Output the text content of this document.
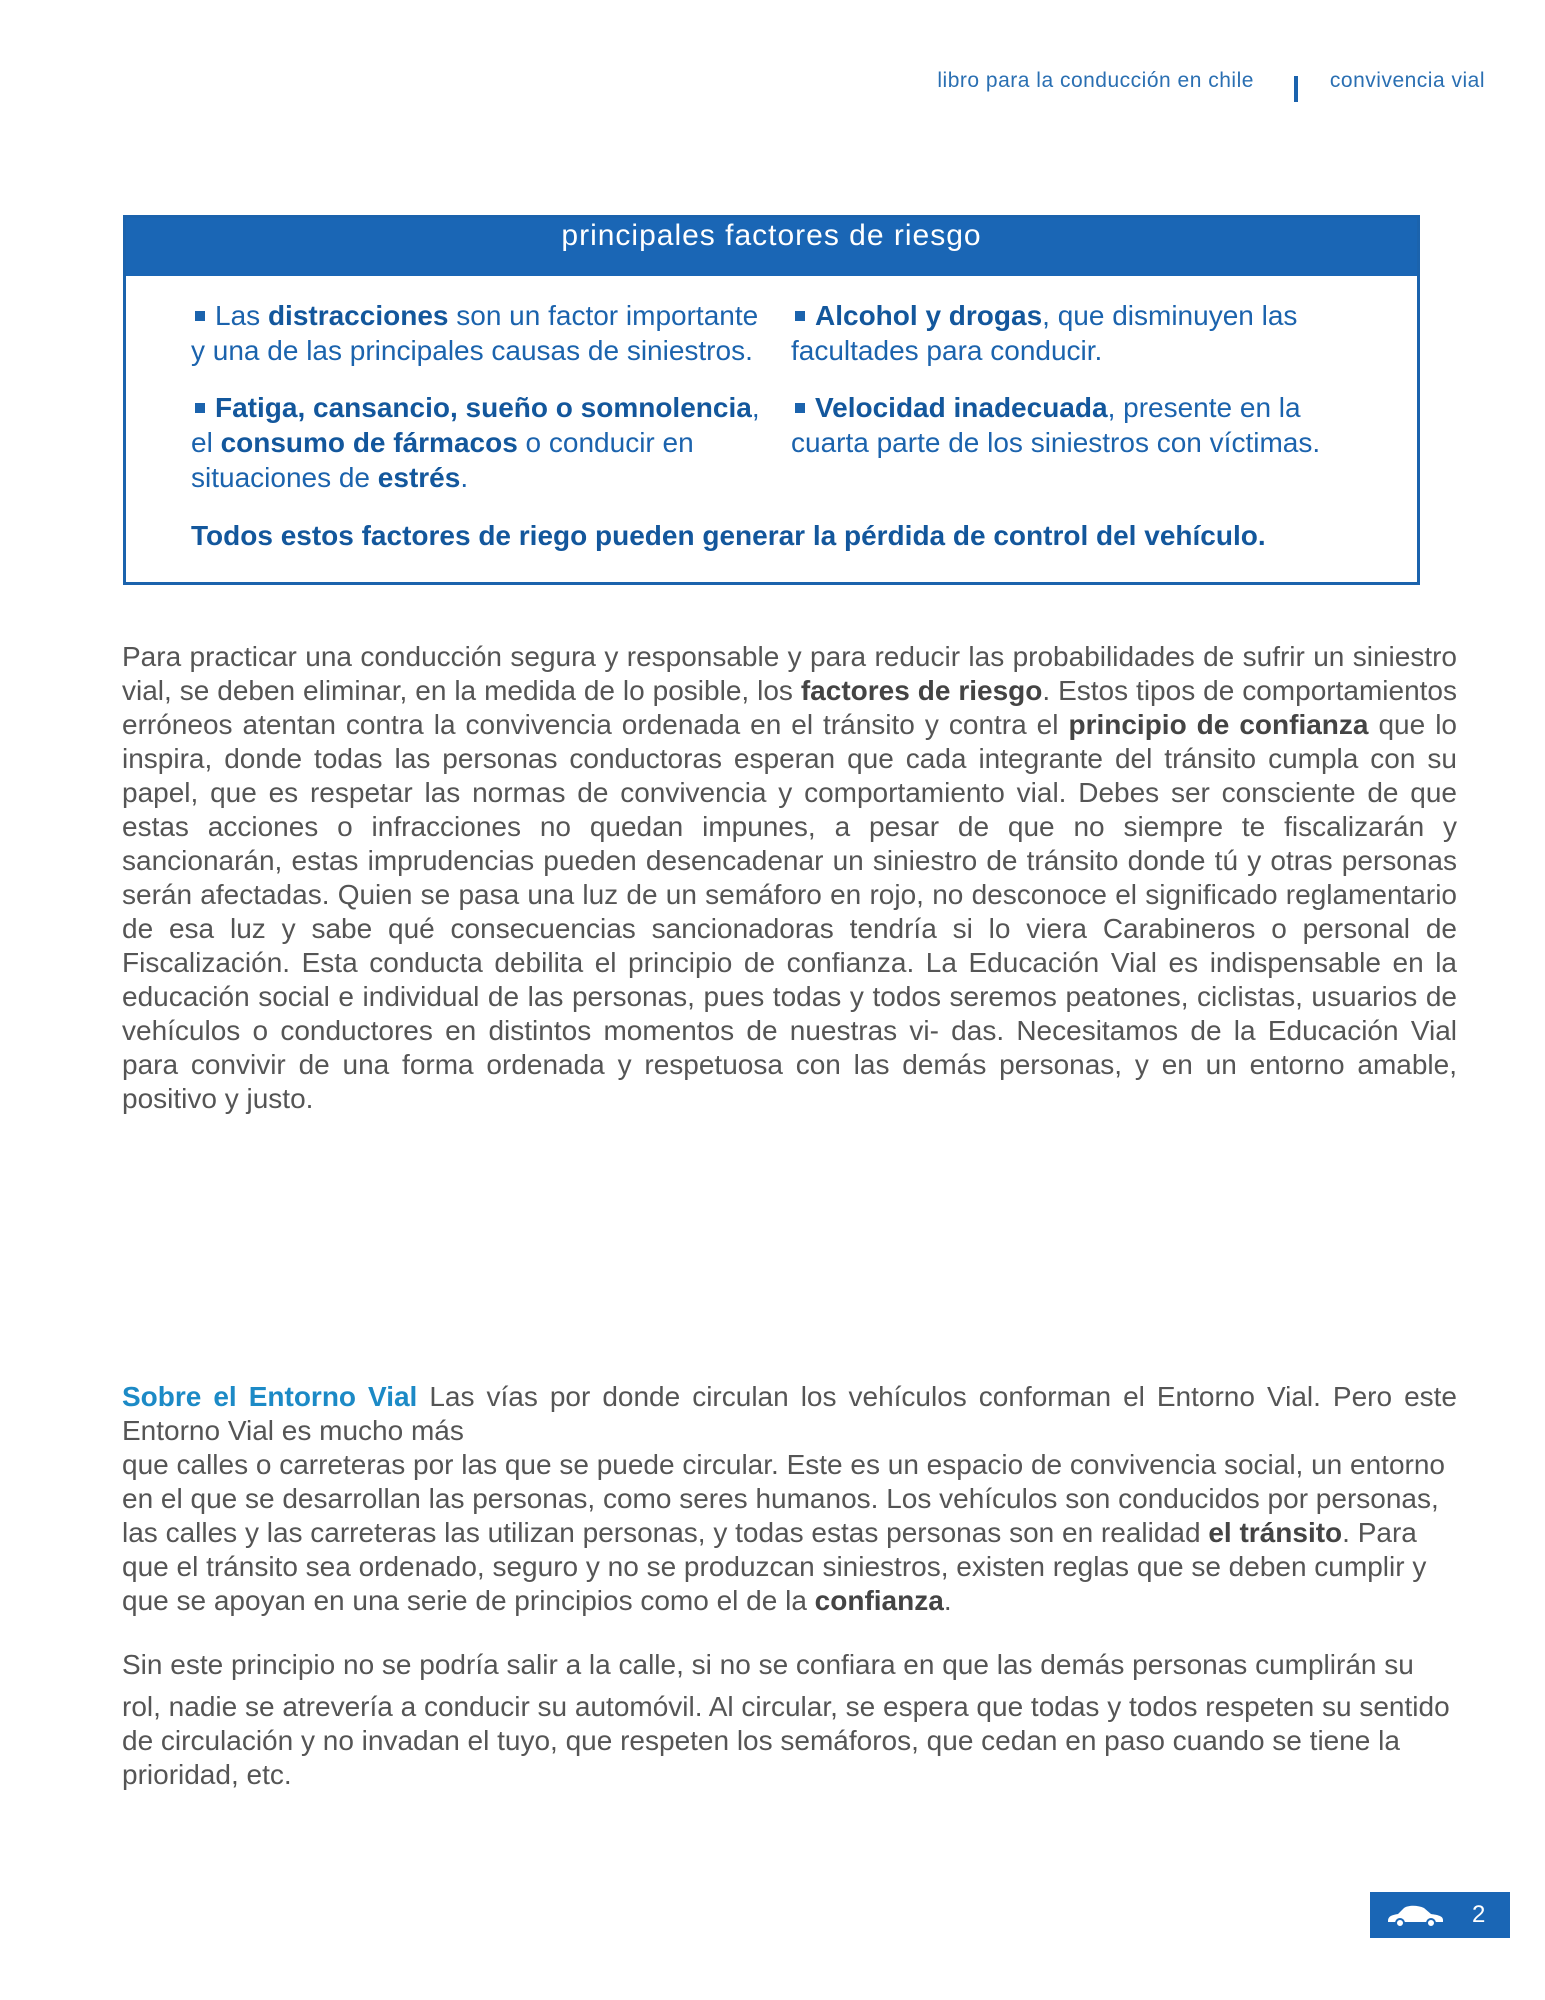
libro para la conducción en chile	convivencia vial
principales factores de riesgo
Las distracciones son un factor importante y una de las principales causas de siniestros.
Alcohol y drogas, que disminuyen las facultades para conducir.
Fatiga, cansancio, sueño o somnolencia, el consumo de fármacos o conducir en situaciones de estrés.
Velocidad inadecuada, presente en la cuarta parte de los siniestros con víctimas.
Todos estos factores de riego pueden generar la pérdida de control del vehículo.
Para practicar una conducción segura y responsable y para reducir las probabilidades de sufrir un siniestro vial, se deben eliminar, en la medida de lo posible, los factores de riesgo. Estos tipos de comportamientos erróneos atentan contra la convivencia ordenada en el tránsito y contra el principio de confianza que lo inspira, donde todas las personas conductoras esperan que cada integrante del tránsito cumpla con su papel, que es respetar las normas de convivencia y comportamiento vial. Debes ser consciente de que estas acciones o infracciones no quedan impunes, a pesar de que no siempre te fiscalizarán y sancionarán, estas imprudencias pueden desencadenar un siniestro de tránsito donde tú y otras personas serán afectadas. Quien se pasa una luz de un semáforo en rojo, no desconoce el significado reglamentario de esa luz y sabe qué consecuencias sancionadoras tendría si lo viera Carabineros o personal de Fiscalización. Esta conducta debilita el principio de confianza. La Educación Vial es indispensable en la educación social e individual de las personas, pues todas y todos seremos peatones, ciclistas, usuarios de vehículos o conductores en distintos momentos de nuestras vi- das. Necesitamos de la Educación Vial para convivir de una forma ordenada y respetuosa con las demás personas, y en un entorno amable, positivo y justo.
Sobre el Entorno Vial Las vías por donde circulan los vehículos conforman el Entorno Vial. Pero este
Entorno Vial es mucho más
que calles o carreteras por las que se puede circular. Este es un espacio de convivencia social, un entorno en el que se desarrollan las personas, como seres humanos. Los vehículos son conducidos por personas, las calles y las carreteras las utilizan personas, y todas estas personas son en realidad el tránsito. Para que el tránsito sea ordenado, seguro y no se produzcan siniestros, existen reglas que se deben cumplir y que se apoyan en una serie de principios como el de la confianza.
Sin este principio no se podría salir a la calle, si no se confiara en que las demás personas cumplirán su
rol, nadie se atrevería a conducir su automóvil. Al circular, se espera que todas y todos respeten su sentido de circulación y no invadan el tuyo, que respeten los semáforos, que cedan en paso cuando se tiene la prioridad, etc.
2
